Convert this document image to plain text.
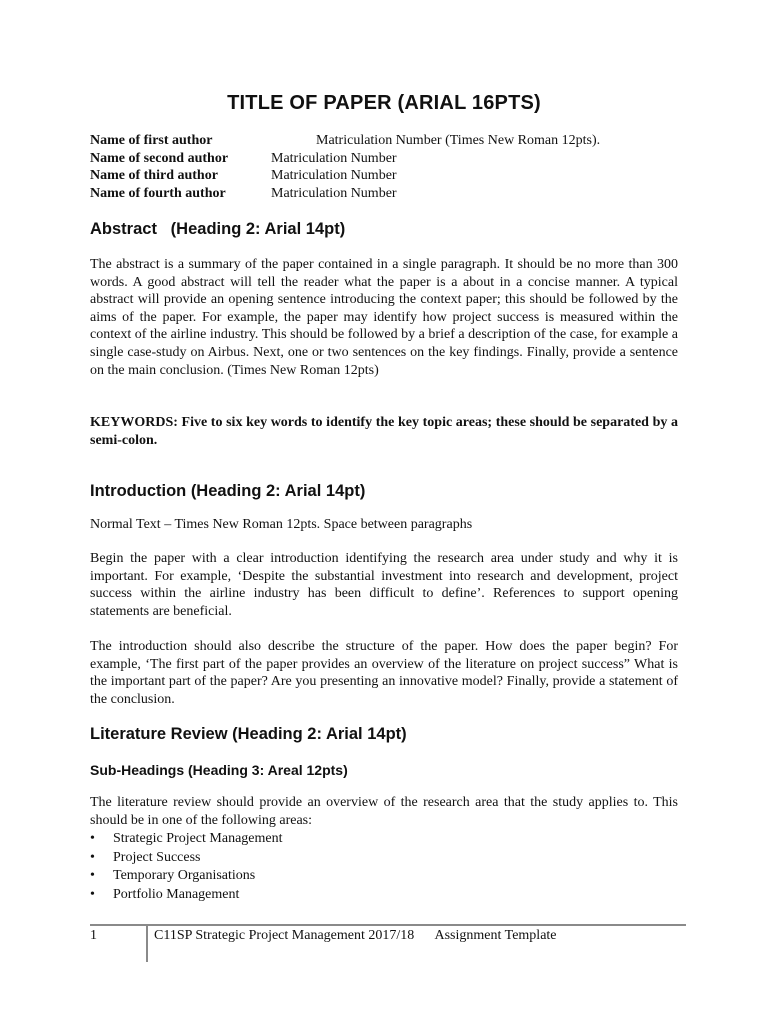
TITLE OF PAPER (ARIAL 16PTS)
Name of first author	Matriculation Number (Times New Roman 12pts).
Name of second author	Matriculation Number
Name of third author	Matriculation Number
Name of fourth author	Matriculation Number
Abstract   (Heading 2: Arial 14pt)
The abstract is a summary of the paper contained in a single paragraph. It should be no more than 300 words. A good abstract will tell the reader what the paper is a about in a concise manner. A typical abstract will provide an opening sentence introducing the context paper; this should be followed by the aims of the paper. For example, the paper may identify how project success is measured within the context of the airline industry. This should be followed by a brief a description of the case, for example a single case-study on Airbus. Next, one or two sentences on the key findings. Finally, provide a sentence on the main conclusion. (Times New Roman 12pts)
KEYWORDS: Five to six key words to identify the key topic areas; these should be separated by a semi-colon.
Introduction (Heading 2: Arial 14pt)
Normal Text – Times New Roman 12pts. Space between paragraphs
Begin the paper with a clear introduction identifying the research area under study and why it is important. For example, ‘Despite the substantial investment into research and development, project success within the airline industry has been difficult to define’. References to support opening statements are beneficial.
The introduction should also describe the structure of the paper. How does the paper begin? For example, ‘The first part of the paper provides an overview of the literature on project success” What is the important part of the paper? Are you presenting an innovative model? Finally, provide a statement of the conclusion.
Literature Review (Heading 2: Arial 14pt)
Sub-Headings (Heading 3: Areal 12pts)
The literature review should provide an overview of the research area that the study applies to. This should be in one of the following areas:
• Strategic Project Management
• Project Success
• Temporary Organisations
• Portfolio Management
1	C11SP Strategic Project Management 2017/18      Assignment Template
